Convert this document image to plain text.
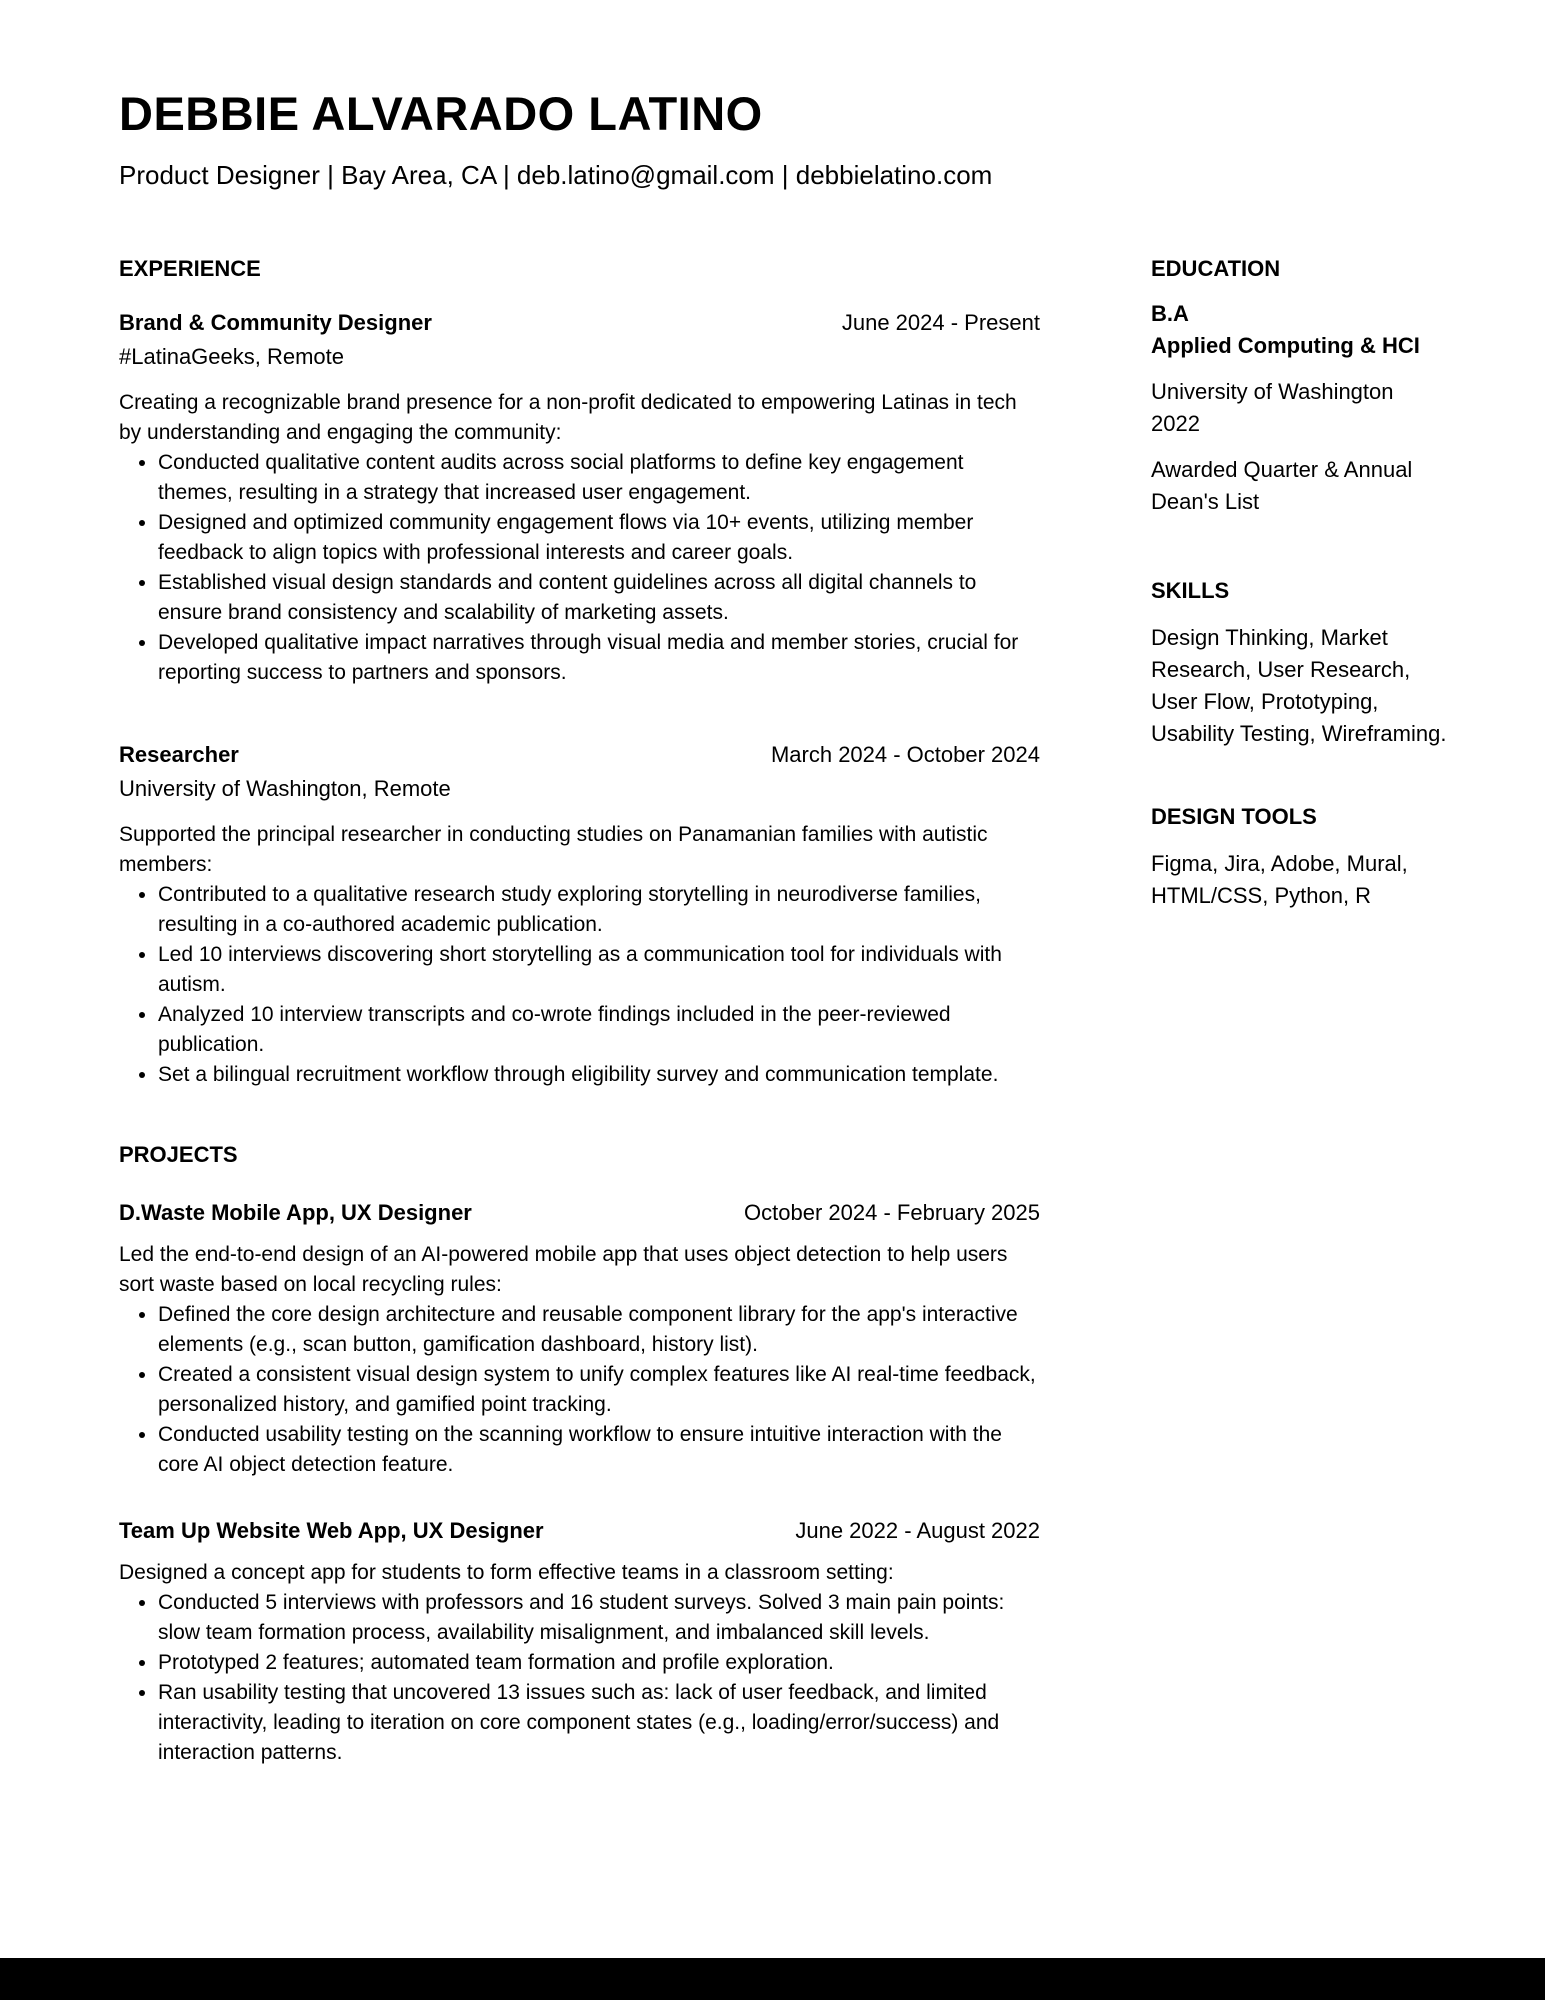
DEBBIE ALVARADO LATINO

Product Designer | Bay Area, CA | deb.latino@gmail.com | debbielatino.com

EXPERIENCE
Brand & Community Designer	June 2024 - Present
#LatinaGeeks, Remote

Creating a recognizable brand presence for a non-profit dedicated to empowering Latinas in tech by understanding and engaging the community:

• Conducted qualitative content audits across social platforms to define key engagement themes, resulting in a strategy that increased user engagement.
• Designed and optimized community engagement flows via 10+ events, utilizing member feedback to align topics with professional interests and career goals.
• Established visual design standards and content guidelines across all digital channels to ensure brand consistency and scalability of marketing assets.
• Developed qualitative impact narratives through visual media and member stories, crucial for reporting success to partners and sponsors.
Researcher	March 2024 - October 2024
University of Washington, Remote

Supported the principal researcher in conducting studies on Panamanian families with autistic members:

• Contributed to a qualitative research study exploring storytelling in neurodiverse families, resulting in a co-authored academic publication.
• Led 10 interviews discovering short storytelling as a communication tool for individuals with autism.
• Analyzed 10 interview transcripts and co-wrote findings included in the peer-reviewed publication.
• Set a bilingual recruitment workflow through eligibility survey and communication template.
PROJECTS
D.Waste Mobile App, UX Designer	October 2024 - February 2025

Led the end-to-end design of an AI-powered mobile app that uses object detection to help users sort waste based on local recycling rules:

• Defined the core design architecture and reusable component library for the app's interactive elements (e.g., scan button, gamification dashboard, history list).
• Created a consistent visual design system to unify complex features like AI real-time feedback, personalized history, and gamified point tracking.
• Conducted usability testing on the scanning workflow to ensure intuitive interaction with the core AI object detection feature.
Team Up Website Web App, UX Designer	June 2022 - August 2022

Designed a concept app for students to form effective teams in a classroom setting:

• Conducted 5 interviews with professors and 16 student surveys. Solved 3 main pain points: slow team formation process, availability misalignment, and imbalanced skill levels.
• Prototyped 2 features; automated team formation and profile exploration.
• Ran usability testing that uncovered 13 issues such as: lack of user feedback, and limited interactivity, leading to iteration on core component states (e.g., loading/error/success) and interaction patterns.
EDUCATION

B.A

Applied Computing & HCI

University of Washington

2022

Awarded Quarter & Annual

Dean's List

SKILLS

Design Thinking, Market Research, User Research, User Flow, Prototyping, Usability Testing, Wireframing.

DESIGN TOOLS

Figma, Jira, Adobe, Mural, HTML/CSS, Python, R
